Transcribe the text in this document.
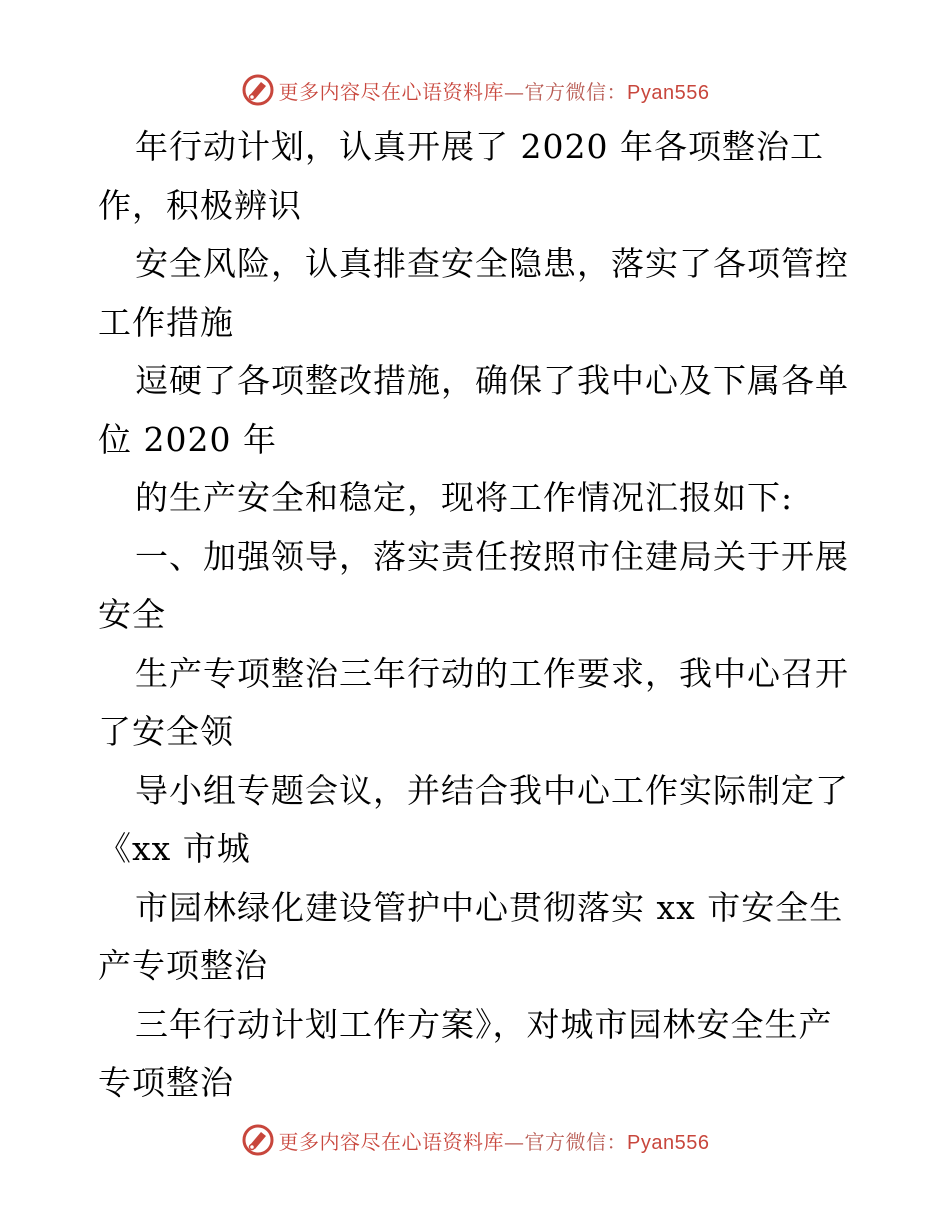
更多内容尽在心语资料库—官方微信：Pyan556
年行动计划，认真开展了 2020 年各项整治工
作，积极辨识
安全风险，认真排查安全隐患，落实了各项管控
工作措施
逗硬了各项整改措施，确保了我中心及下属各单
位 2020 年
的生产安全和稳定，现将工作情况汇报如下:
一、加强领导，落实责任按照市住建局关于开展
安全
生产专项整治三年行动的工作要求，我中心召开
了安全领
导小组专题会议，并结合我中心工作实际制定了
《xx 市城
市园林绿化建设管护中心贯彻落实 xx 市安全生
产专项整治
三年行动计划工作方案》，对城市园林安全生产
专项整治
更多内容尽在心语资料库—官方微信：Pyan556
